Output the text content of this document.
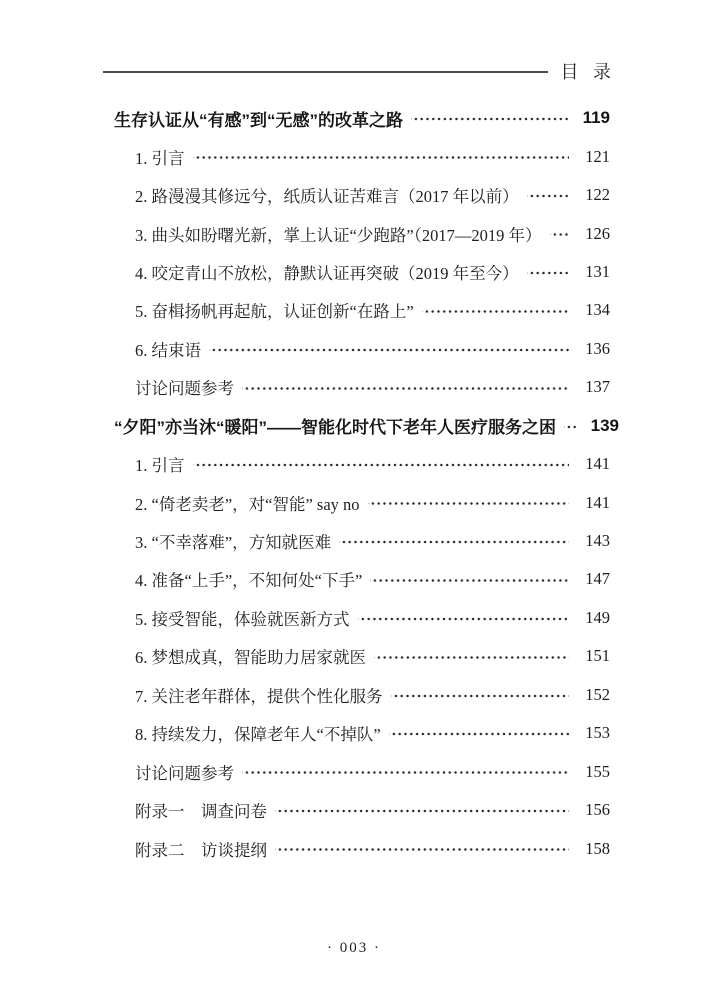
目 录
生存认证从“有感”到“无感”的改革之路	119
1. 引言	121
2. 路漫漫其修远兮，纸质认证苦难言（2017 年以前）	122
3. 曲头如盼曙光新，掌上认证“少跑路”（2017—2019 年）	126
4. 咬定青山不放松，静默认证再突破（2019 年至今）	131
5. 奋楫扬帆再起航，认证创新“在路上”	134
6. 结束语	136
讨论问题参考	137
“夕阳”亦当沐“暖阳”——智能化时代下老年人医疗服务之困	139
1. 引言	141
2. “倚老卖老”，对“智能” say no	141
3. “不幸落难”，方知就医难	143
4. 准备“上手”，不知何处“下手”	147
5. 接受智能，体验就医新方式	149
6. 梦想成真，智能助力居家就医	151
7. 关注老年群体，提供个性化服务	152
8. 持续发力，保障老年人“不掉队”	153
讨论问题参考	155
附录一　调查问卷	156
附录二　访谈提纲	158
· 003 ·
